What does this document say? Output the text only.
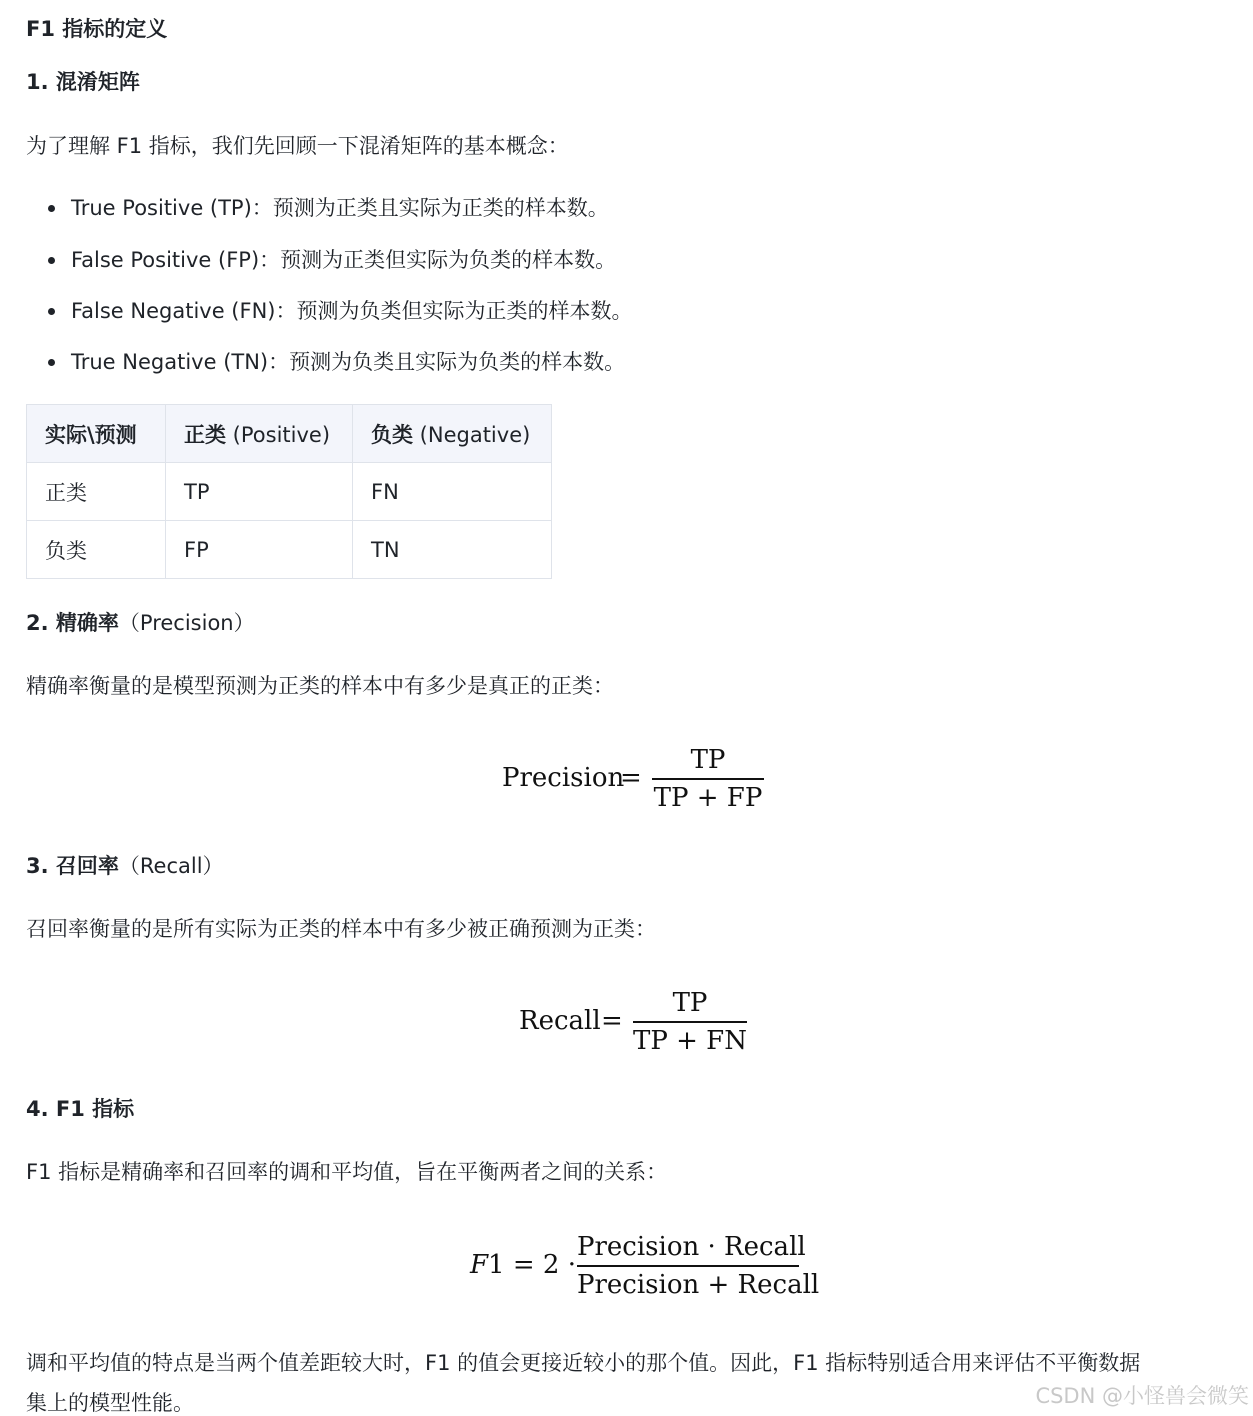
F1 指标的定义
1. 混淆矩阵
为了理解 F1 指标，我们先回顾一下混淆矩阵的基本概念：
True Positive (TP)：预测为正类且实际为正类的样本数。
False Positive (FP)：预测为正类但实际为负类的样本数。
False Negative (FN)：预测为负类但实际为正类的样本数。
True Negative (TN)：预测为负类且实际为负类的样本数。
实际\预测	正类 (Positive)	负类 (Negative)
正类	TP	FN
负类	FP	TN
2. 精确率（Precision）
精确率衡量的是模型预测为正类的样本中有多少是真正的正类：
Precision
=
TP
TP + FP
3. 召回率（Recall）
召回率衡量的是所有实际为正类的样本中有多少被正确预测为正类：
Recall =
TP
TP + FN
4. F1 指标
F1 指标是精确率和召回率的调和平均值，旨在平衡两者之间的关系：
F1 = 2 ·
Precision · Recall
Precision + Recall
调和平均值的特点是当两个值差距较大时，F1 的值会更接近较小的那个值。因此，F1 指标特别适合用来评估不平衡数据
集上的模型性能。	CSDN @小怪兽会微笑
